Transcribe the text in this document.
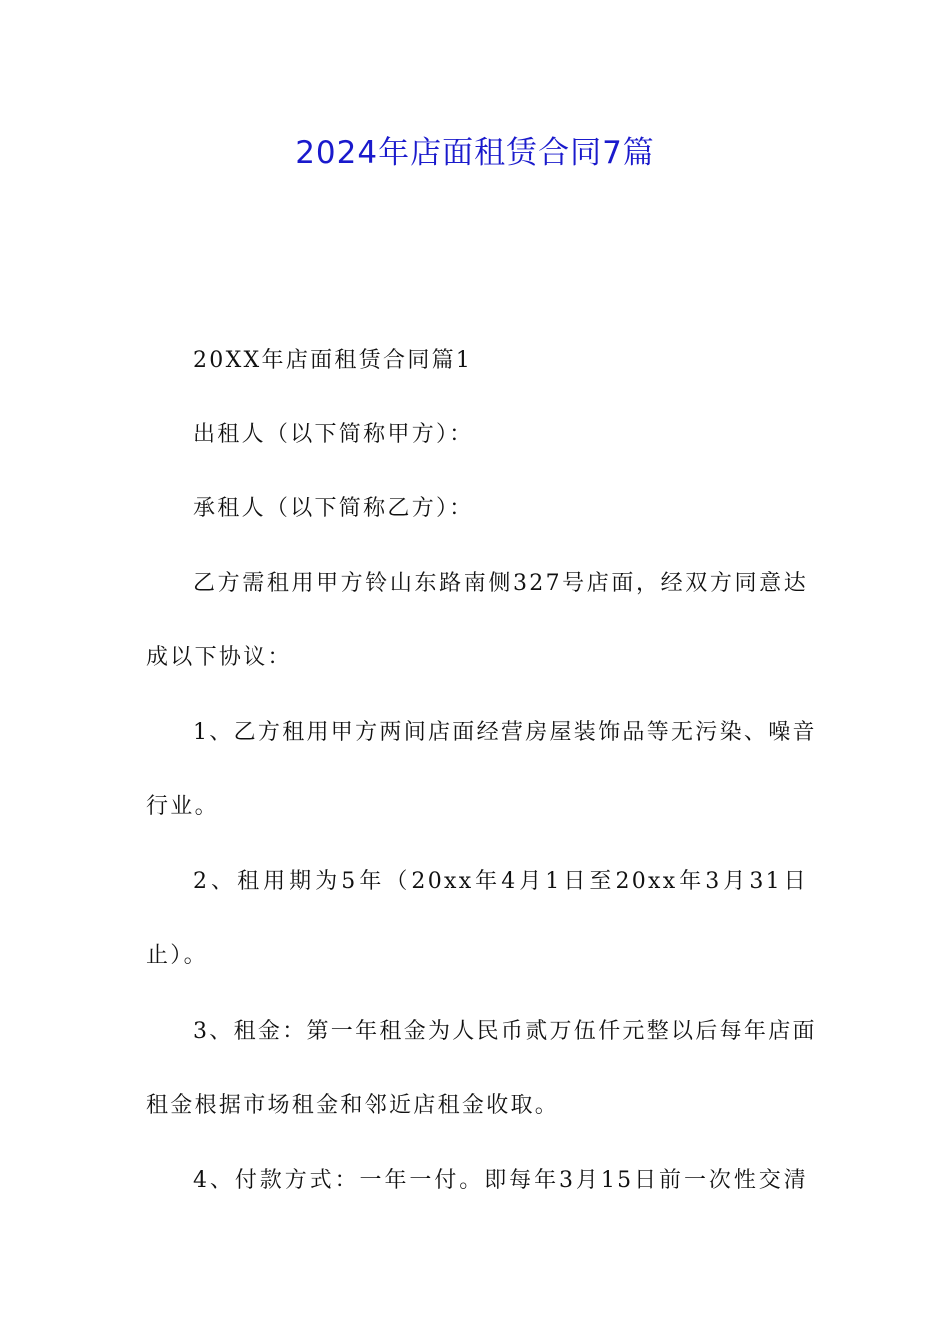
2024年店面租赁合同7篇

20XX年店面租赁合同篇1

出租人（以下简称甲方）：

承租人（以下简称乙方）：

乙方需租用甲方铃山东路南侧327号店面，经双方同意达
成以下协议：

1、乙方租用甲方两间店面经营房屋装饰品等无污染、噪音
行业。

2、租用期为5年（20xx年4月1日至20xx年3月31日
止）。

3、租金：第一年租金为人民币贰万伍仟元整以后每年店面
租金根据市场租金和邻近店租金收取。

4、付款方式：一年一付。即每年3月15日前一次性交清
